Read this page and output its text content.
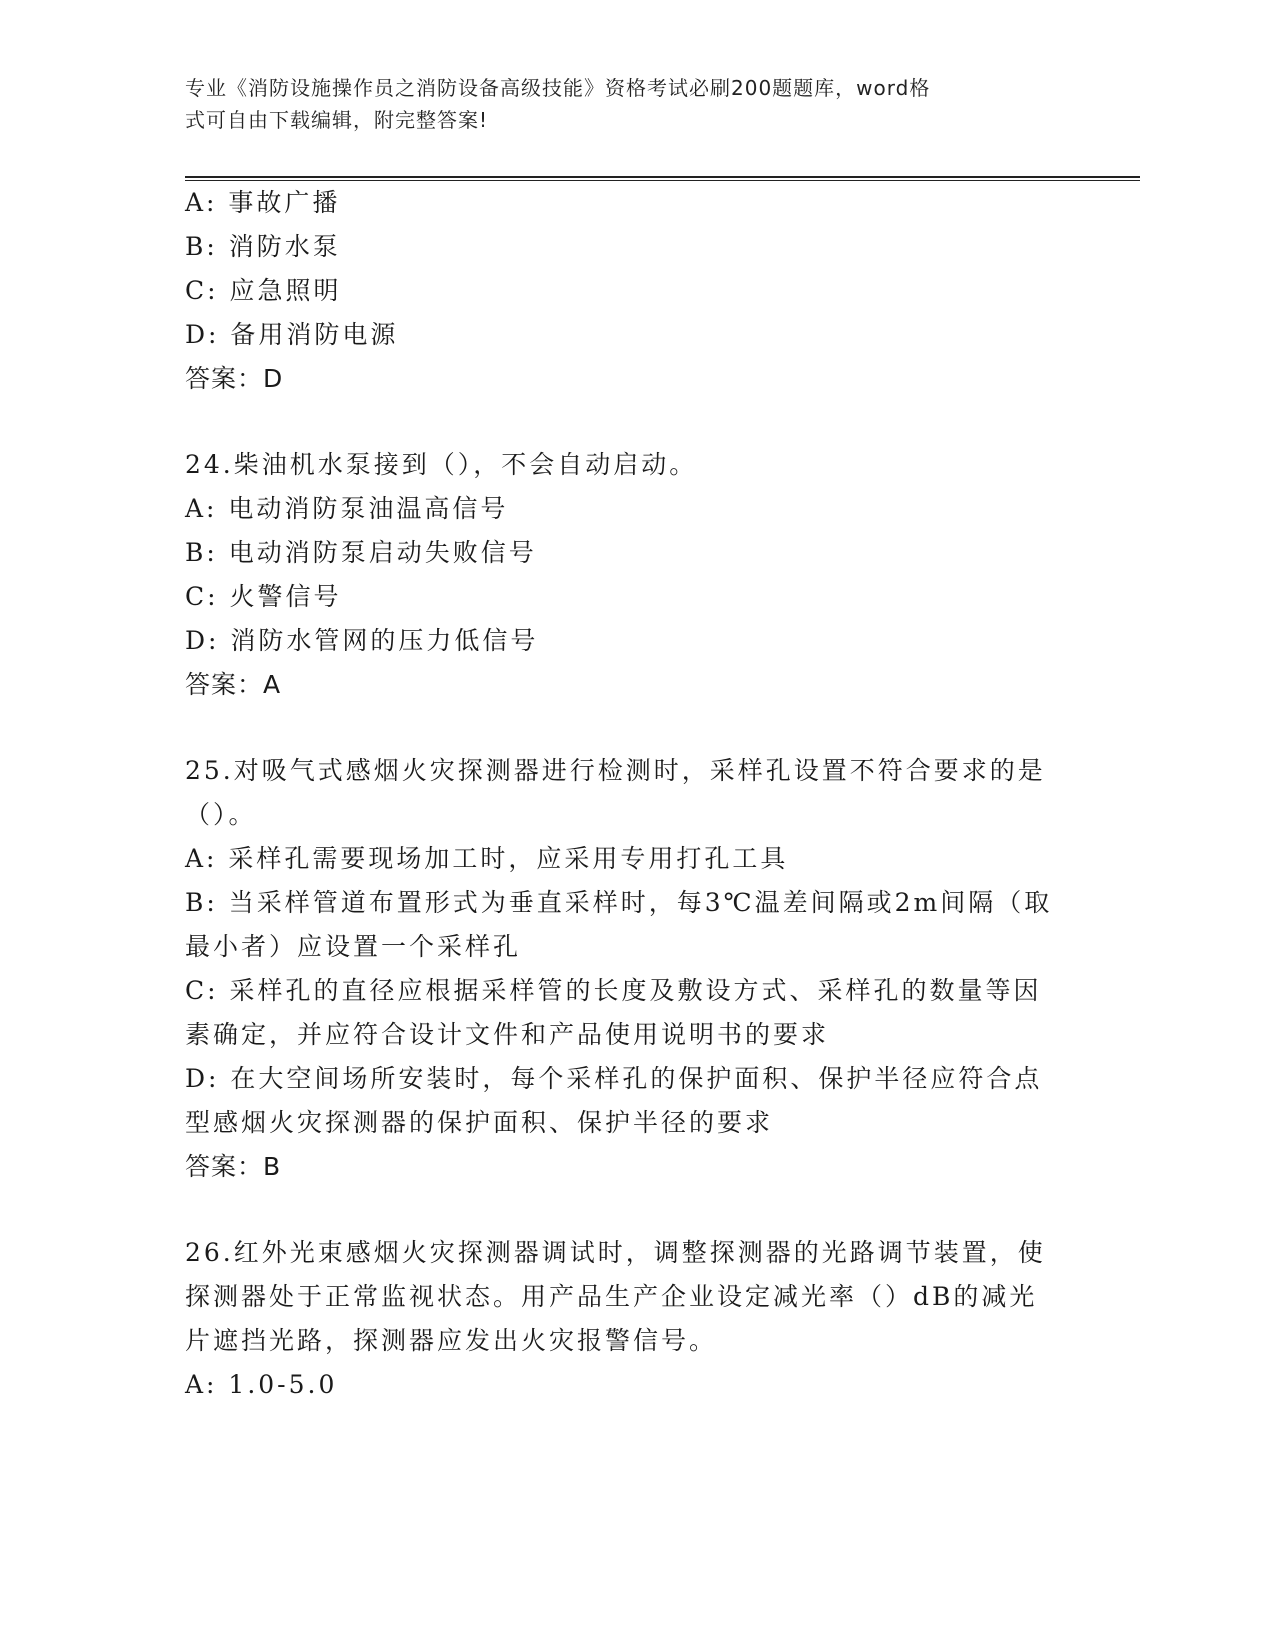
专业《消防设施操作员之消防设备高级技能》资格考试必刷200题题库，word格
式可自由下载编辑，附完整答案!
A: 事故广播
B: 消防水泵
C: 应急照明
D: 备用消防电源
答案：D
24.柴油机水泵接到（），不会自动启动。
A: 电动消防泵油温高信号
B: 电动消防泵启动失败信号
C: 火警信号
D: 消防水管网的压力低信号
答案：A
25.对吸气式感烟火灾探测器进行检测时，采样孔设置不符合要求的是
（）。
A: 采样孔需要现场加工时，应采用专用打孔工具
B: 当采样管道布置形式为垂直采样时，每3℃温差间隔或2m间隔（取
最小者）应设置一个采样孔
C: 采样孔的直径应根据采样管的长度及敷设方式、采样孔的数量等因
素确定，并应符合设计文件和产品使用说明书的要求
D: 在大空间场所安装时，每个采样孔的保护面积、保护半径应符合点
型感烟火灾探测器的保护面积、保护半径的要求
答案：B
26.红外光束感烟火灾探测器调试时，调整探测器的光路调节装置，使
探测器处于正常监视状态。用产品生产企业设定减光率（）dB的减光
片遮挡光路，探测器应发出火灾报警信号。
A: 1.0-5.0
